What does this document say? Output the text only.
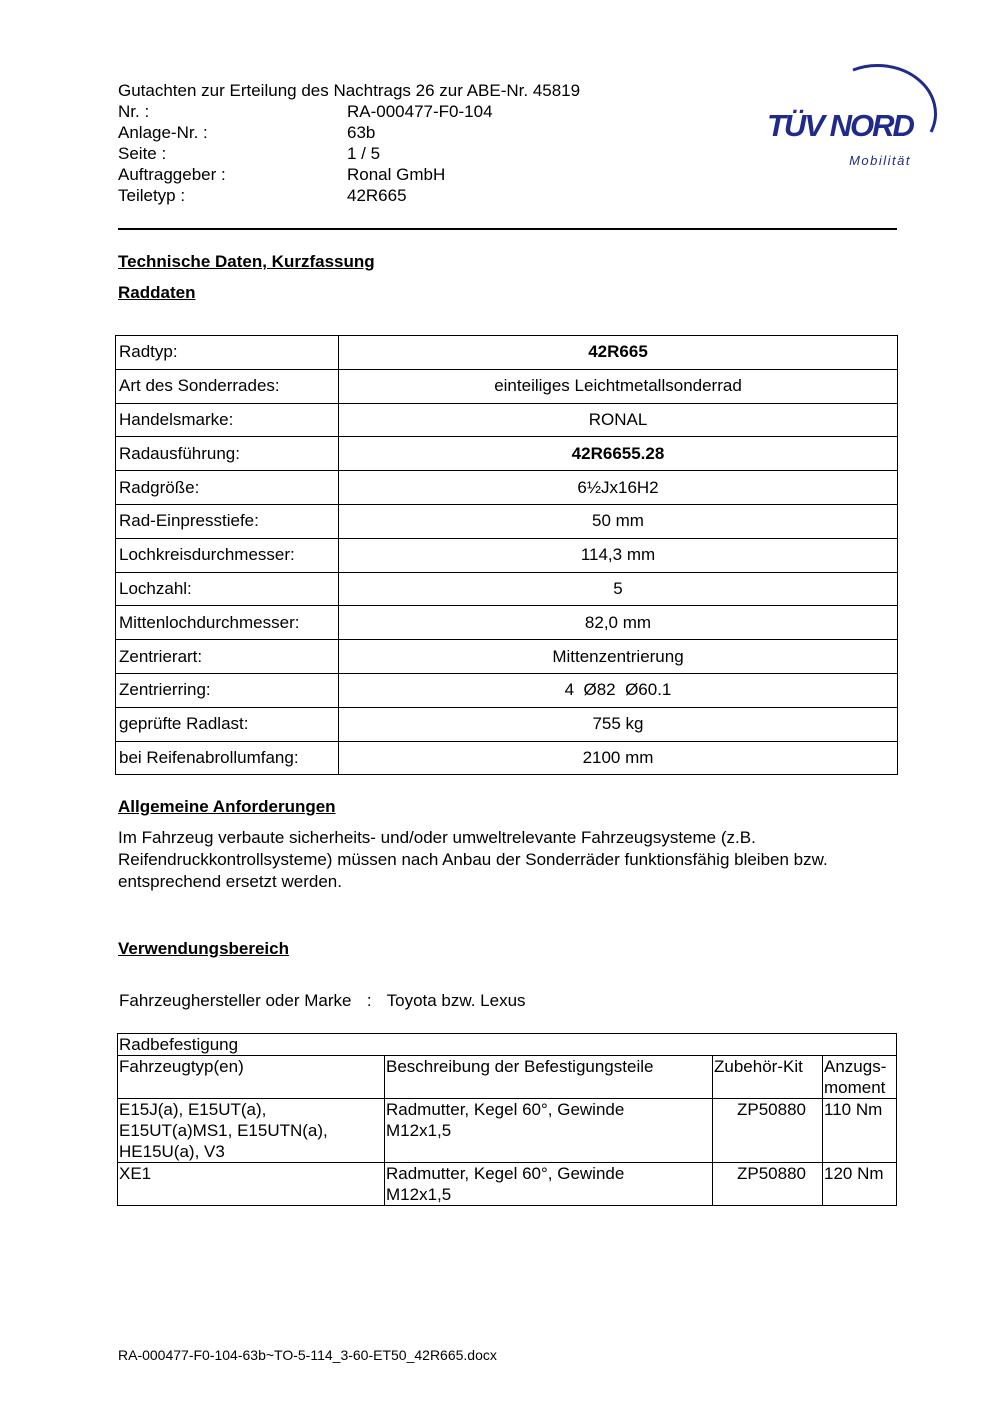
Gutachten zur Erteilung des Nachtrags 26 zur ABE-Nr. 45819
Nr. :	RA-000477-F0-104
Anlage-Nr. :	63b
Seite :	1 / 5
Auftraggeber :	Ronal GmbH
Teiletyp :	42R665
TÜV NORD
Mobilität
Technische Daten, Kurzfassung
Raddaten
Radtyp:	42R665
Art des Sonderrades:	einteiliges Leichtmetallsonderrad
Handelsmarke:	RONAL
Radausführung:	42R6655.28
Radgröße:	6½Jx16H2
Rad-Einpresstiefe:	50 mm
Lochkreisdurchmesser:	114,3 mm
Lochzahl:	5
Mittenlochdurchmesser:	82,0 mm
Zentrierart:	Mittenzentrierung
Zentrierring:	4  Ø82  Ø60.1
geprüfte Radlast:	755 kg
bei Reifenabrollumfang:	2100 mm
Allgemeine Anforderungen
Im Fahrzeug verbaute sicherheits- und/oder umweltrelevante Fahrzeugsysteme (z.B. Reifendruckkontrollsysteme) müssen nach Anbau der Sonderräder funktionsfähig bleiben bzw. entsprechend ersetzt werden.
Verwendungsbereich
Fahrzeughersteller oder Marke : Toyota bzw. Lexus
Radbefestigung			
Fahrzeugtyp(en)	Beschreibung der Befestigungsteile	Zubehör-Kit	Anzugs-
moment
E15J(a), E15UT(a),
E15UT(a)MS1, E15UTN(a),
HE15U(a), V3	Radmutter, Kegel 60°, Gewinde
M12x1,5	ZP50880	110 Nm
XE1	Radmutter, Kegel 60°, Gewinde
M12x1,5	ZP50880	120 Nm
RA-000477-F0-104-63b~TO-5-114_3-60-ET50_42R665.docx
